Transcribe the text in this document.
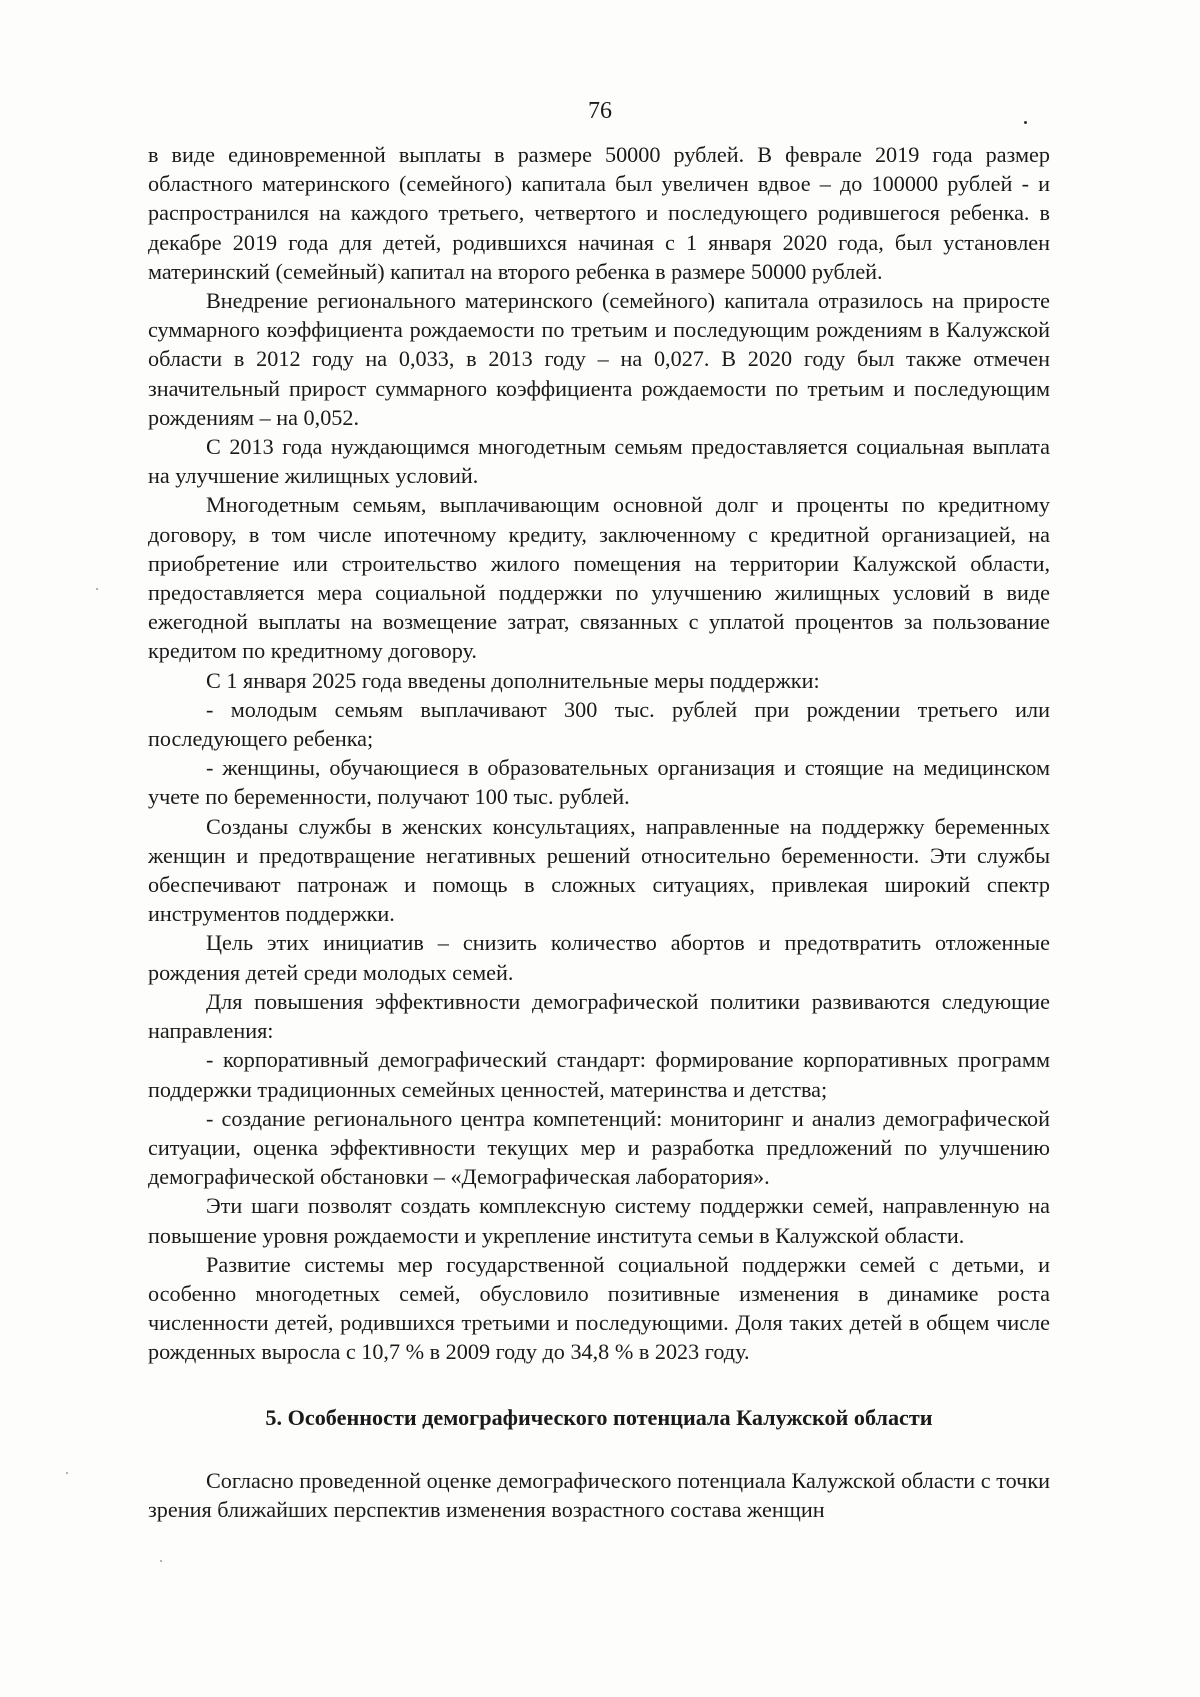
76

в виде единовременной выплаты в размере 50000 рублей. В феврале 2019 года размер областного материнского (семейного) капитала был увеличен вдвое – до 100000 рублей - и распространился на каждого третьего, четвертого и последующего родившегося ребенка. в декабре 2019 года для детей, родившихся начиная с 1 января 2020 года, был установлен материнский (семейный) капитал на второго ребенка в размере 50000 рублей.

Внедрение регионального материнского (семейного) капитала отразилось на приросте суммарного коэффициента рождаемости по третьим и последующим рождениям в Калужской области в 2012 году на 0,033, в 2013 году – на 0,027. В 2020 году был также отмечен значительный прирост суммарного коэффициента рождаемости по третьим и последующим рождениям – на 0,052.

С 2013 года нуждающимся многодетным семьям предоставляется социальная выплата на улучшение жилищных условий.

Многодетным семьям, выплачивающим основной долг и проценты по кредитному договору, в том числе ипотечному кредиту, заключенному с кредитной организацией, на приобретение или строительство жилого помещения на территории Калужской области, предоставляется мера социальной поддержки по улучшению жилищных условий в виде ежегодной выплаты на возмещение затрат, связанных с уплатой процентов за пользование кредитом по кредитному договору.

С 1 января 2025 года введены дополнительные меры поддержки:

- молодым семьям выплачивают 300 тыс. рублей при рождении третьего или последующего ребенка;

- женщины, обучающиеся в образовательных организация и стоящие на медицинском учете по беременности, получают 100 тыс. рублей.

Созданы службы в женских консультациях, направленные на поддержку беременных женщин и предотвращение негативных решений относительно беременности. Эти службы обеспечивают патронаж и помощь в сложных ситуациях, привлекая широкий спектр инструментов поддержки.

Цель этих инициатив – снизить количество абортов и предотвратить отложенные рождения детей среди молодых семей.

Для повышения эффективности демографической политики развиваются следующие направления:

- корпоративный демографический стандарт: формирование корпоративных программ поддержки традиционных семейных ценностей, материнства и детства;

- создание регионального центра компетенций: мониторинг и анализ демографической ситуации, оценка эффективности текущих мер и разработка предложений по улучшению демографической обстановки – «Демографическая лаборатория».

Эти шаги позволят создать комплексную систему поддержки семей, направленную на повышение уровня рождаемости и укрепление института семьи в Калужской области.

Развитие системы мер государственной социальной поддержки семей с детьми, и особенно многодетных семей, обусловило позитивные изменения в динамике роста численности детей, родившихся третьими и последующими. Доля таких детей в общем числе рожденных выросла с 10,7 % в 2009 году до 34,8 % в 2023 году.

5. Особенности демографического потенциала Калужской области

Согласно проведенной оценке демографического потенциала Калужской области с точки зрения ближайших перспектив изменения возрастного состава женщин
